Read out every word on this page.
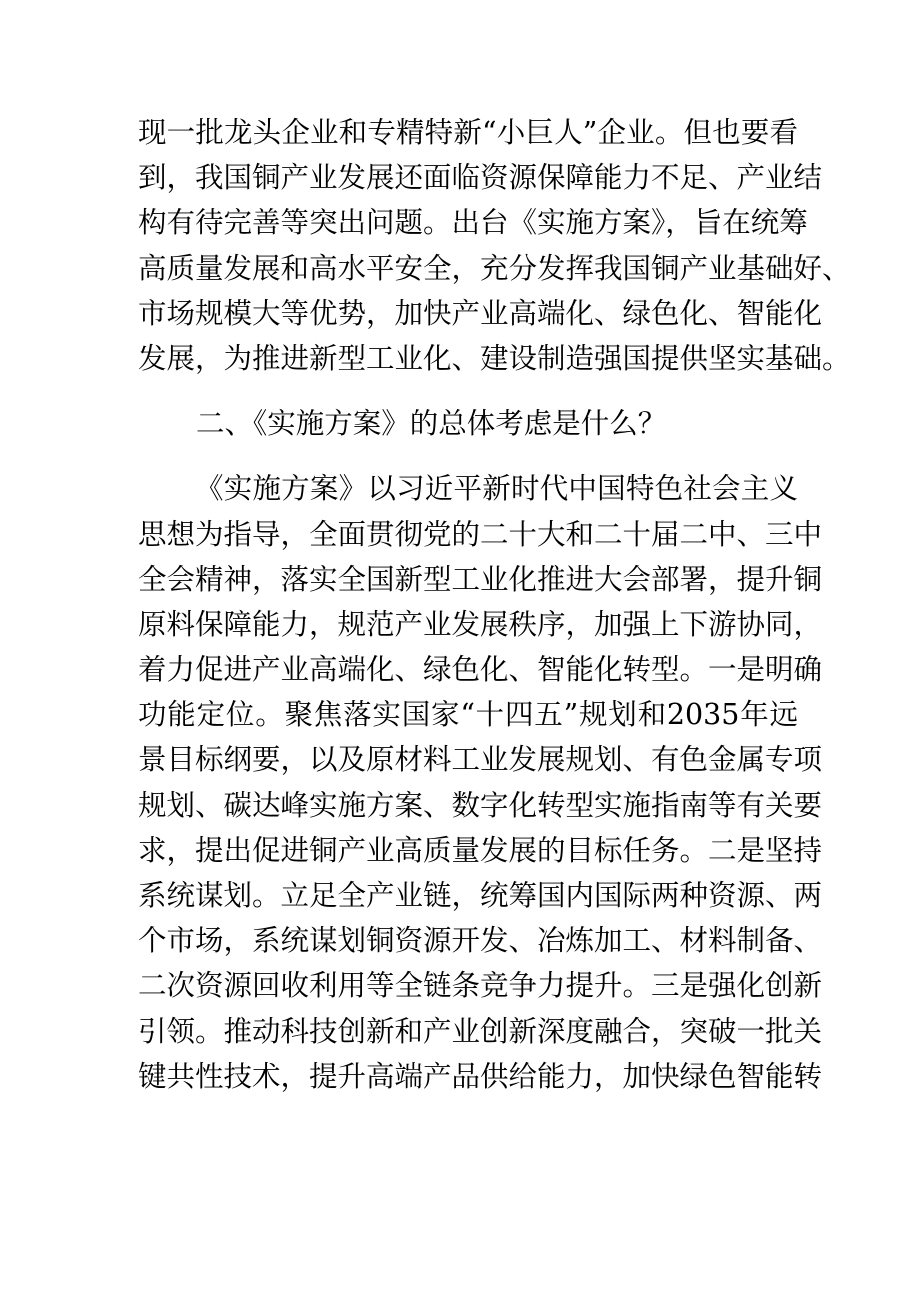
现一批龙头企业和专精特新“小巨人”企业。但也要看
到，我国铜产业发展还面临资源保障能力不足、产业结
构有待完善等突出问题。出台《实施方案》，旨在统筹
高质量发展和高水平安全，充分发挥我国铜产业基础好、
市场规模大等优势，加快产业高端化、绿色化、智能化
发展，为推进新型工业化、建设制造强国提供坚实基础。
二、《实施方案》的总体考虑是什么？
《实施方案》以习近平新时代中国特色社会主义
思想为指导，全面贯彻党的二十大和二十届二中、三中
全会精神，落实全国新型工业化推进大会部署，提升铜
原料保障能力，规范产业发展秩序，加强上下游协同，
着力促进产业高端化、绿色化、智能化转型。一是明确
功能定位。聚焦落实国家“十四五”规划和2035年远
景目标纲要，以及原材料工业发展规划、有色金属专项
规划、碳达峰实施方案、数字化转型实施指南等有关要
求，提出促进铜产业高质量发展的目标任务。二是坚持
系统谋划。立足全产业链，统筹国内国际两种资源、两
个市场，系统谋划铜资源开发、冶炼加工、材料制备、
二次资源回收利用等全链条竞争力提升。三是强化创新
引领。推动科技创新和产业创新深度融合，突破一批关
键共性技术，提升高端产品供给能力，加快绿色智能转
